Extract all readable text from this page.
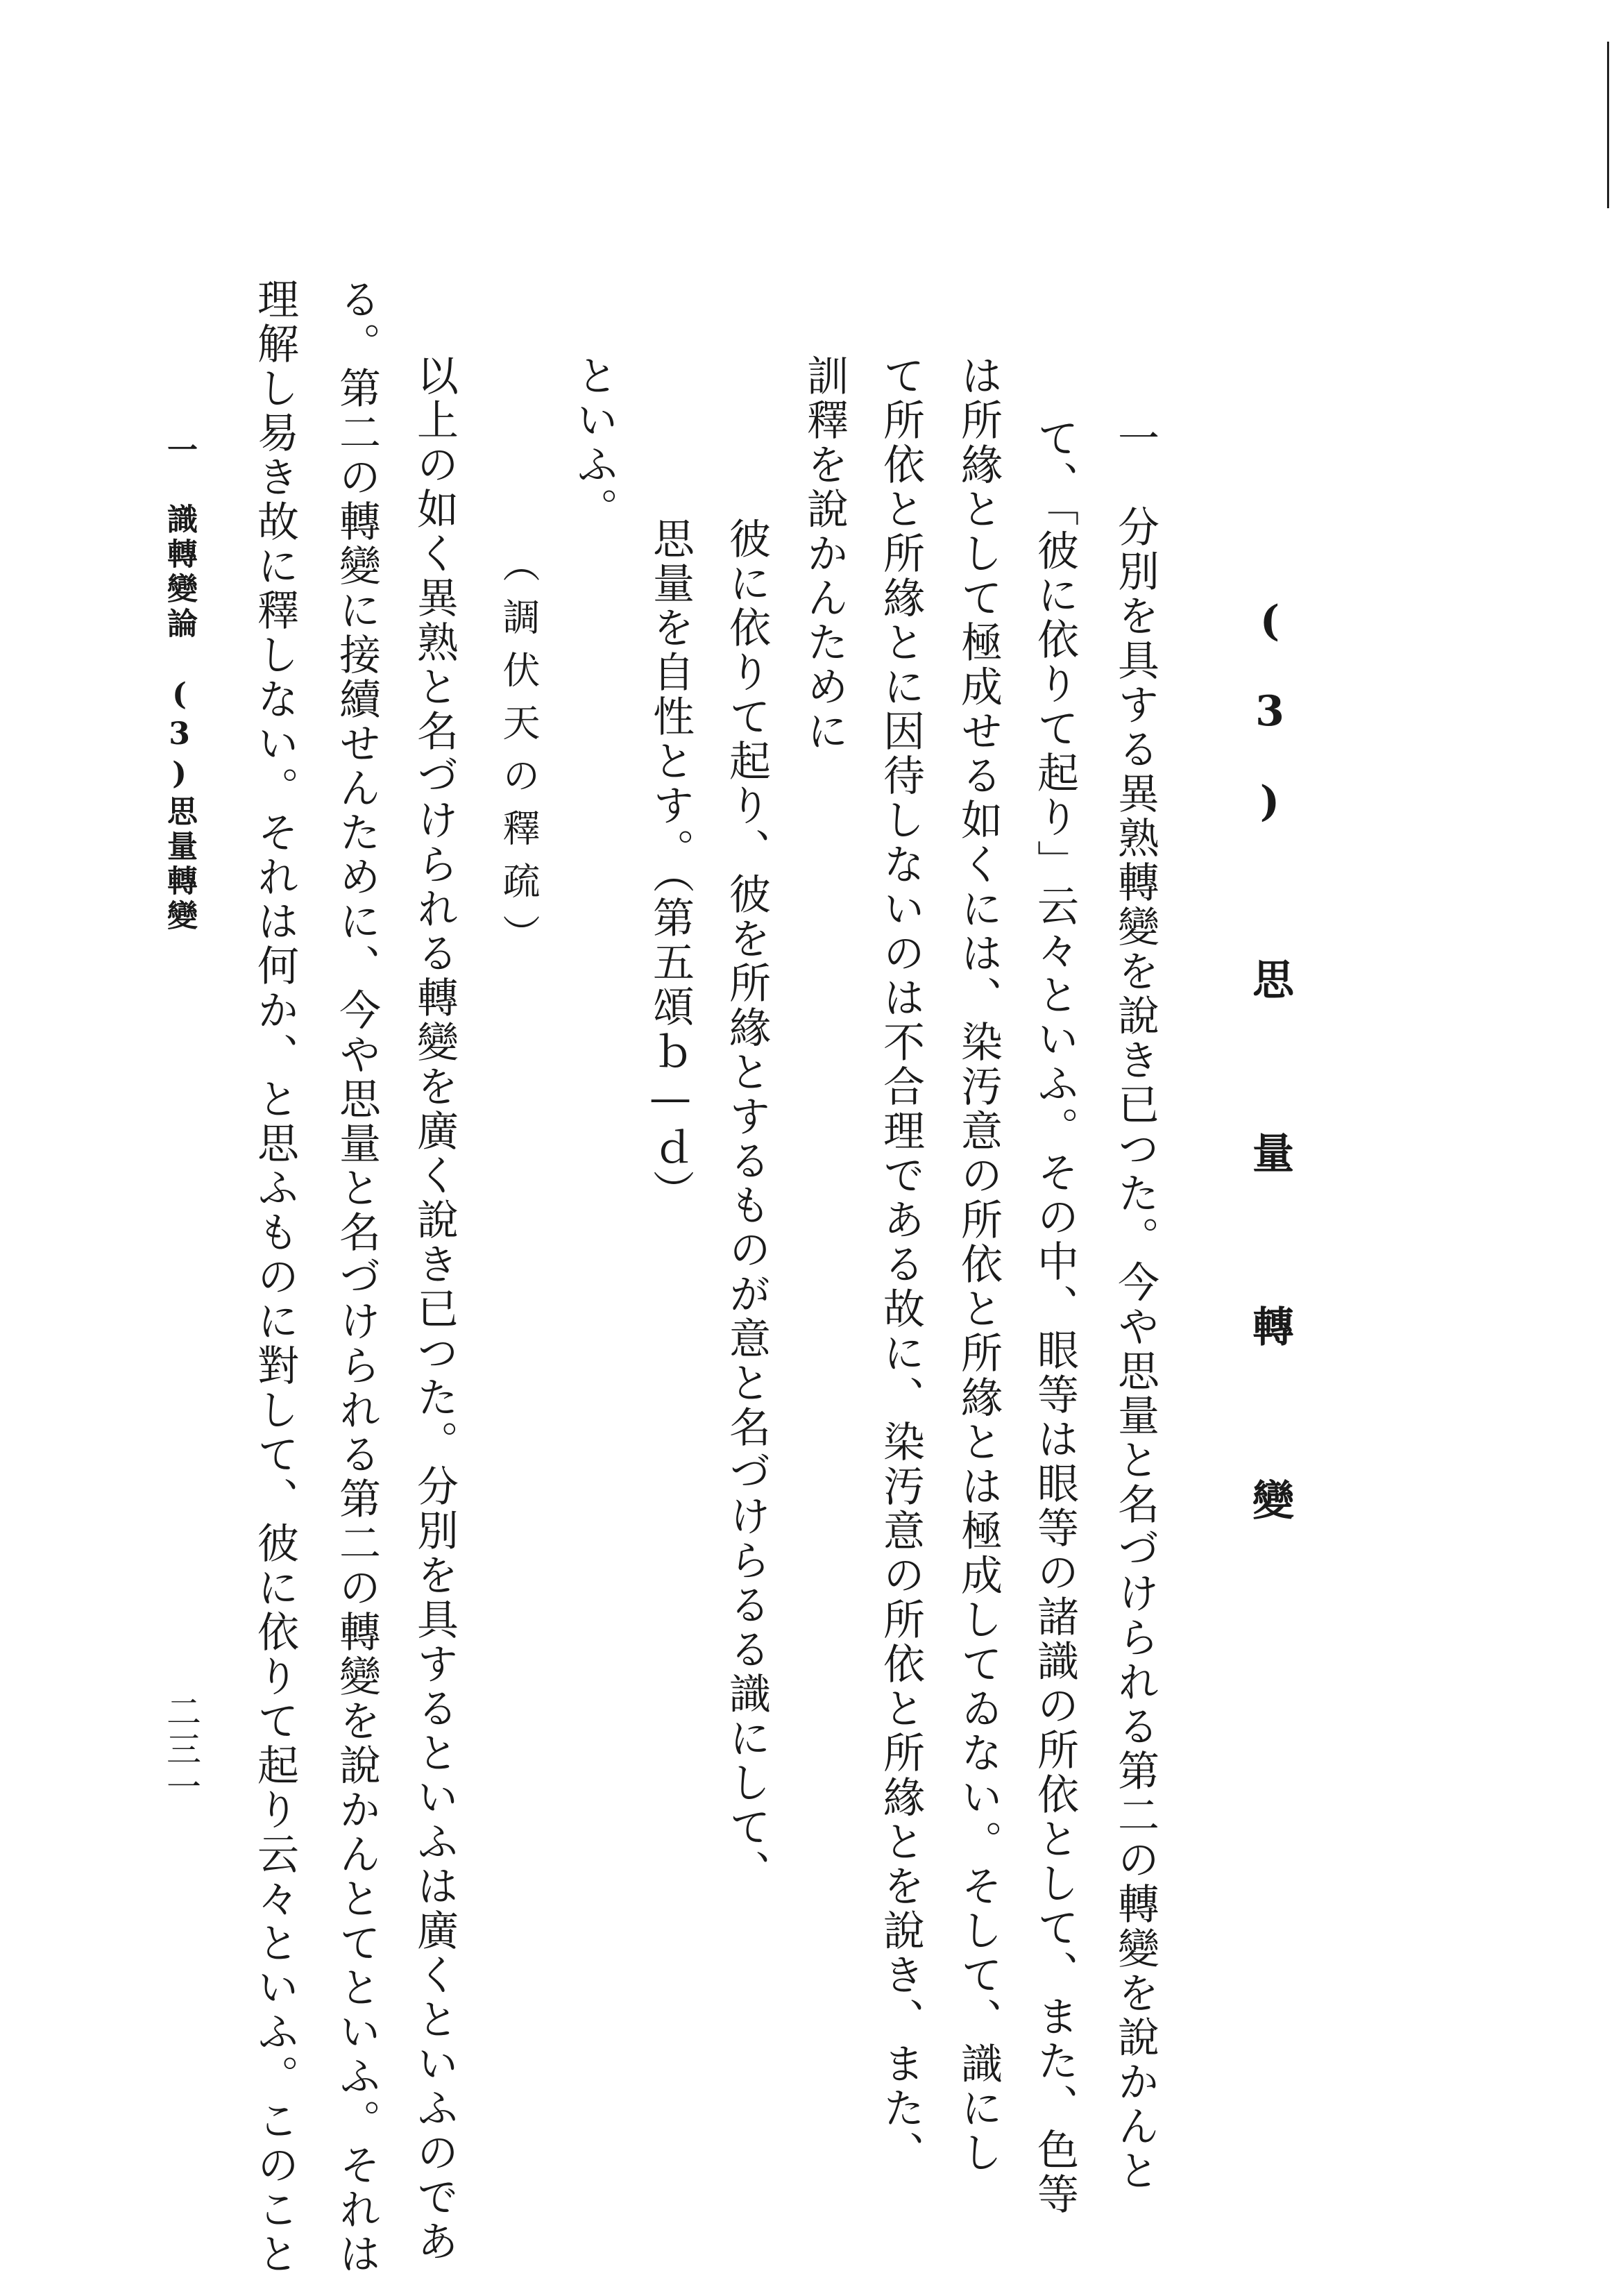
(3) 思 量 轉 變
一　分別を具する異熟轉變を說き已つた。今や思量と名づけられる第二の轉變を說かんと
て、「彼に依りて起り」云々といふ。その中、眼等は眼等の諸識の所依として、また、色等
は所緣として極成せる如くには、染汚意の所依と所緣とは極成してゐない。そして、識にし
て所依と所緣とに因待しないのは不合理である故に、染汚意の所依と所緣とを說き、また、
訓釋を說かんために
彼に依りて起り、彼を所緣とするものが意と名づけらるる識にして、
思量を自性とす。（第五頌ｂ—ｄ）
といふ。
（調伏天の釋疏）
以上の如く異熟と名づけられる轉變を廣く說き已つた。分別を具するといふは廣くといふのであ
る。第二の轉變に接續せんために、今や思量と名づけられる第二の轉變を說かんとてといふ。それは
理解し易き故に釋しない。それは何か、と思ふものに對して、彼に依りて起り云々といふ。このこと
一　識轉變論　(3)思量轉變
二三一
